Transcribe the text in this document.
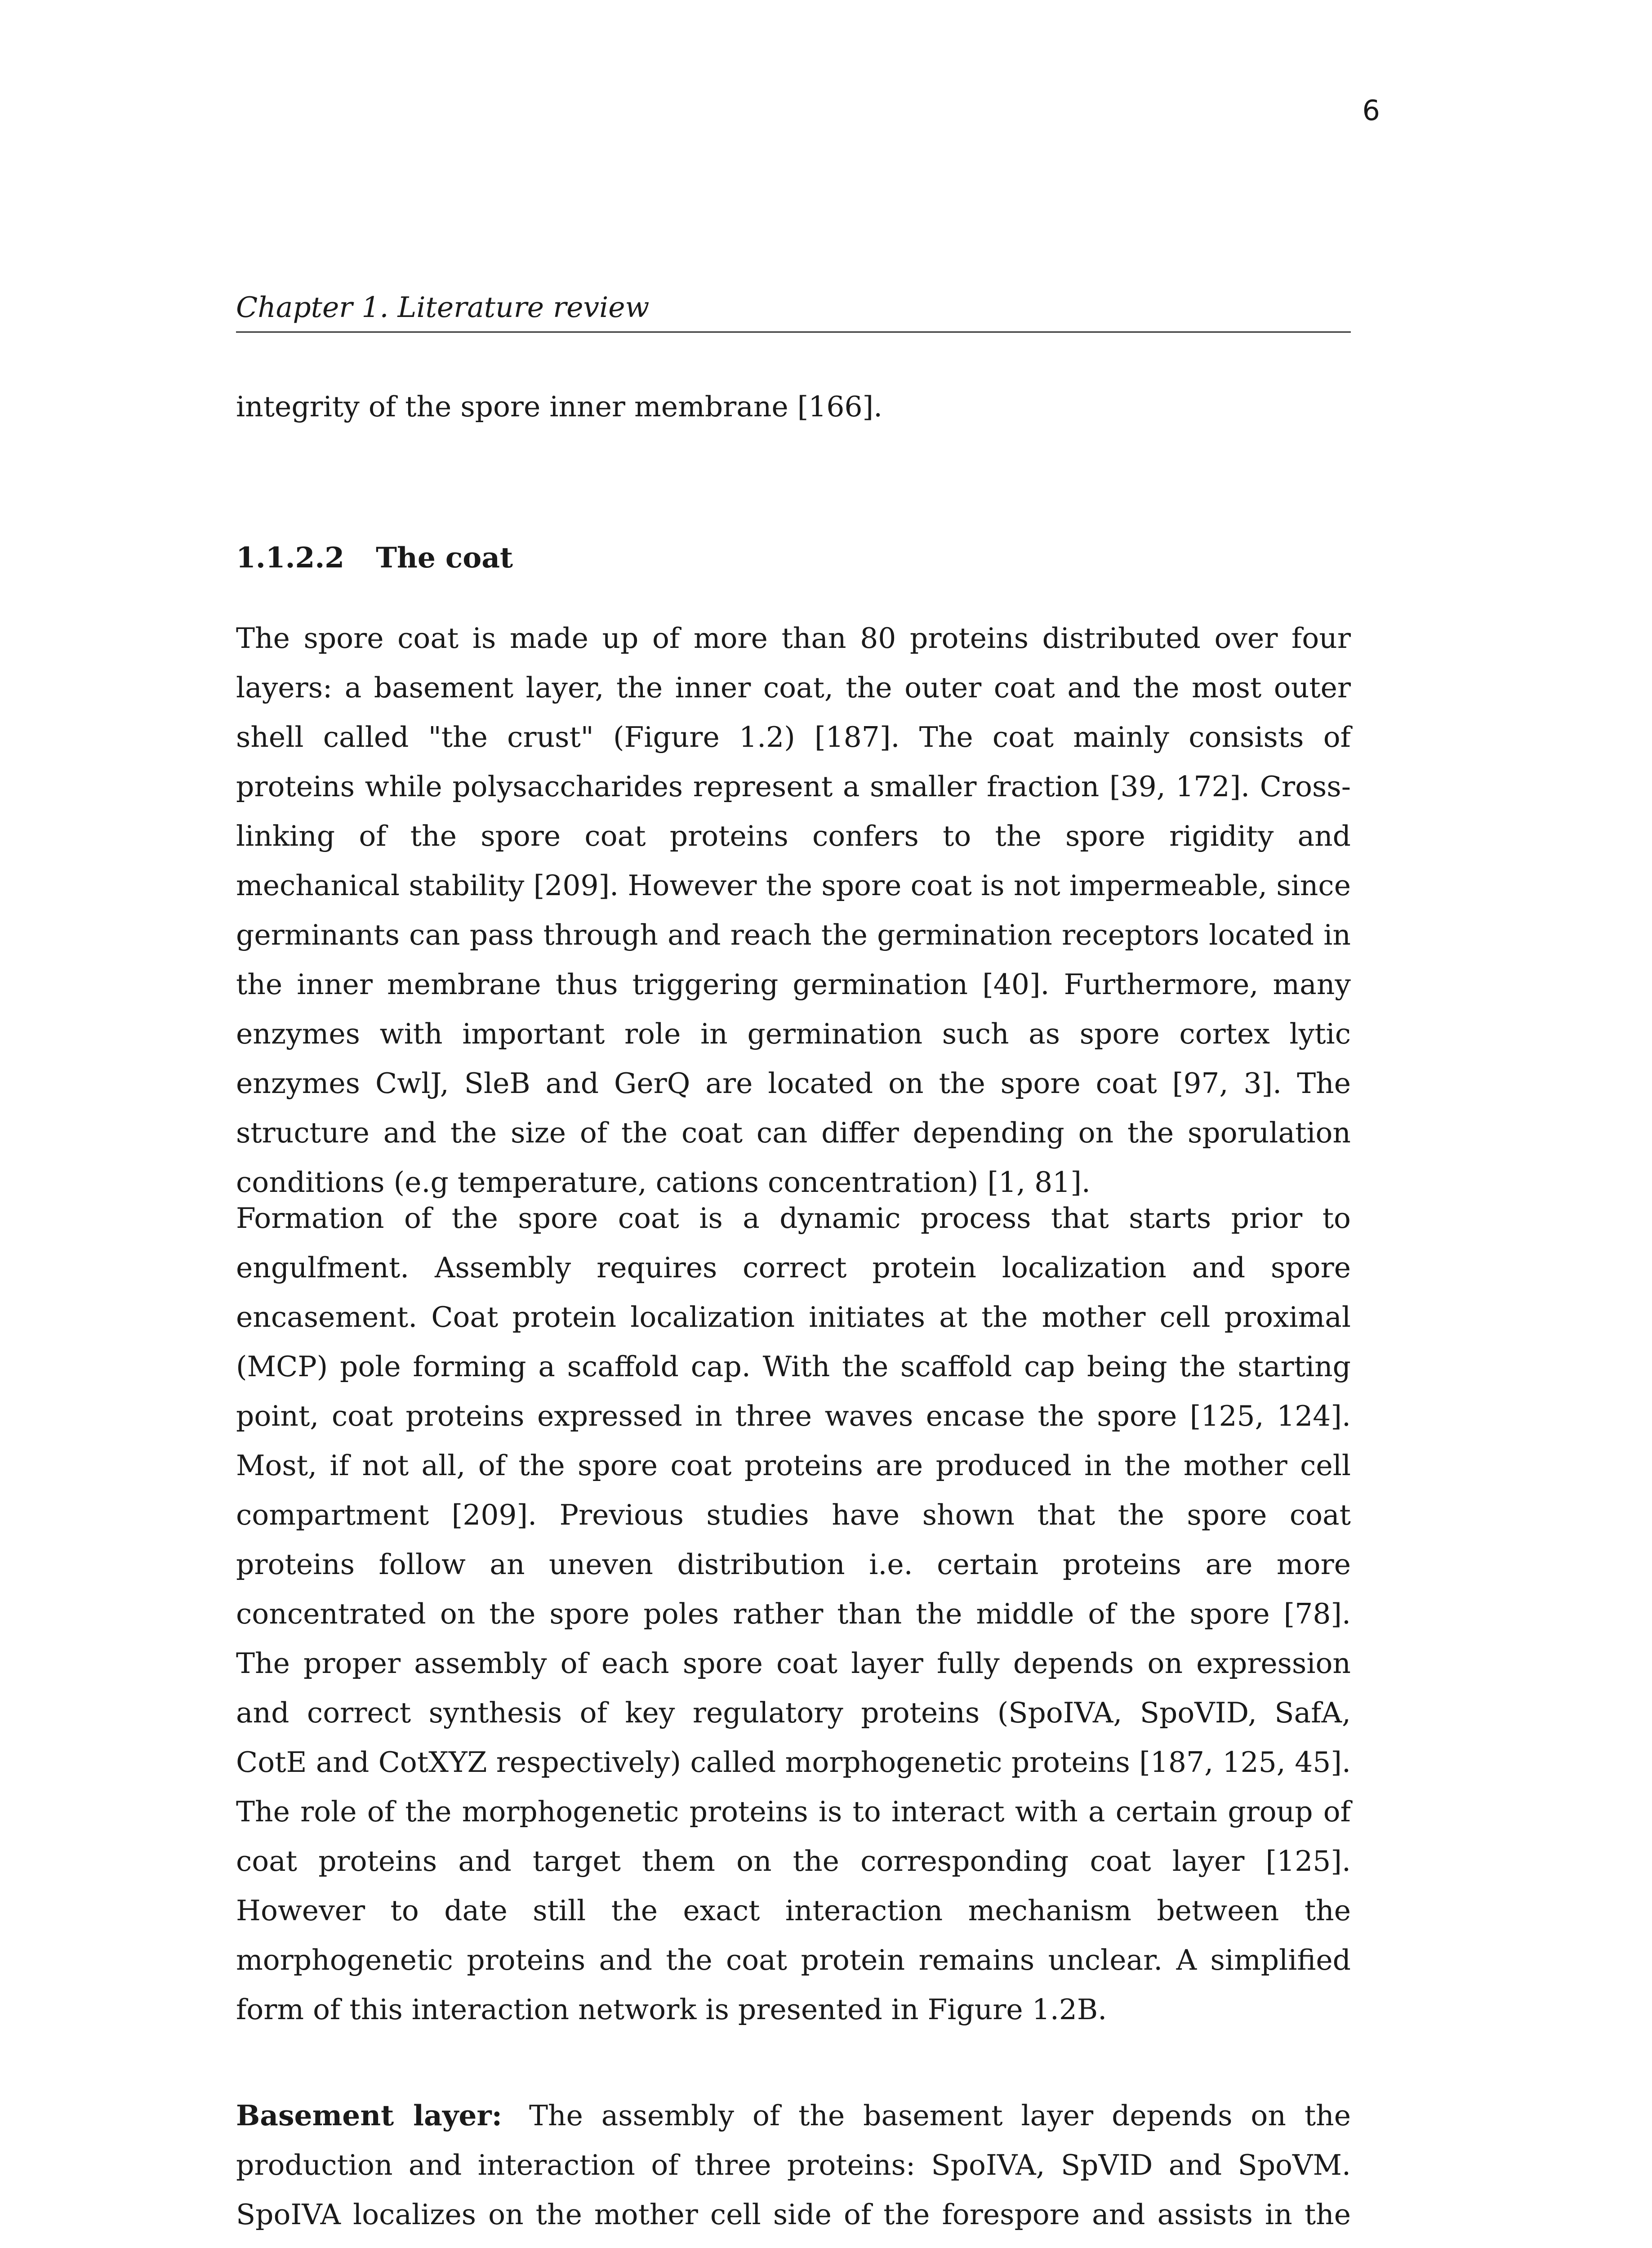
6
Chapter 1. Literature review

integrity of the spore inner membrane [166].

1.1.2.2 The coat

The spore coat is made up of more than 80 proteins distributed over four layers: a basement layer, the inner coat, the outer coat and the most outer shell called "the crust" (Figure 1.2) [187]. The coat mainly consists of proteins while polysaccharides represent a smaller fraction [39, 172]. Cross-linking of the spore coat proteins confers to the spore rigidity and mechanical stability [209]. However the spore coat is not impermeable, since germinants can pass through and reach the germination receptors located in the inner membrane thus triggering germination [40]. Furthermore, many enzymes with important role in germination such as spore cortex lytic enzymes CwlJ, SleB and GerQ are located on the spore coat [97, 3]. The structure and the size of the coat can differ depending on the sporulation conditions (e.g temperature, cations concentration) [1, 81].

Formation of the spore coat is a dynamic process that starts prior to engulfment. Assembly requires correct protein localization and spore encasement. Coat protein localization initiates at the mother cell proximal (MCP) pole forming a scaffold cap. With the scaffold cap being the starting point, coat proteins expressed in three waves encase the spore [125, 124]. Most, if not all, of the spore coat proteins are produced in the mother cell compartment [209]. Previous studies have shown that the spore coat proteins follow an uneven distribution i.e. certain proteins are more concentrated on the spore poles rather than the middle of the spore [78]. The proper assembly of each spore coat layer fully depends on expression and correct synthesis of key regulatory proteins (SpoIVA, SpoVID, SafA, CotE and CotXYZ respectively) called morphogenetic proteins [187, 125, 45]. The role of the morphogenetic proteins is to interact with a certain group of coat proteins and target them on the corresponding coat layer [125]. However to date still the exact interaction mechanism between the morphogenetic proteins and the coat protein remains unclear. A simplified form of this interaction network is presented in Figure 1.2B.

Basement layer: The assembly of the basement layer depends on the production and interaction of three proteins: SpoIVA, SpVID and SpoVM. SpoIVA localizes on the mother cell side of the forespore and assists in the
